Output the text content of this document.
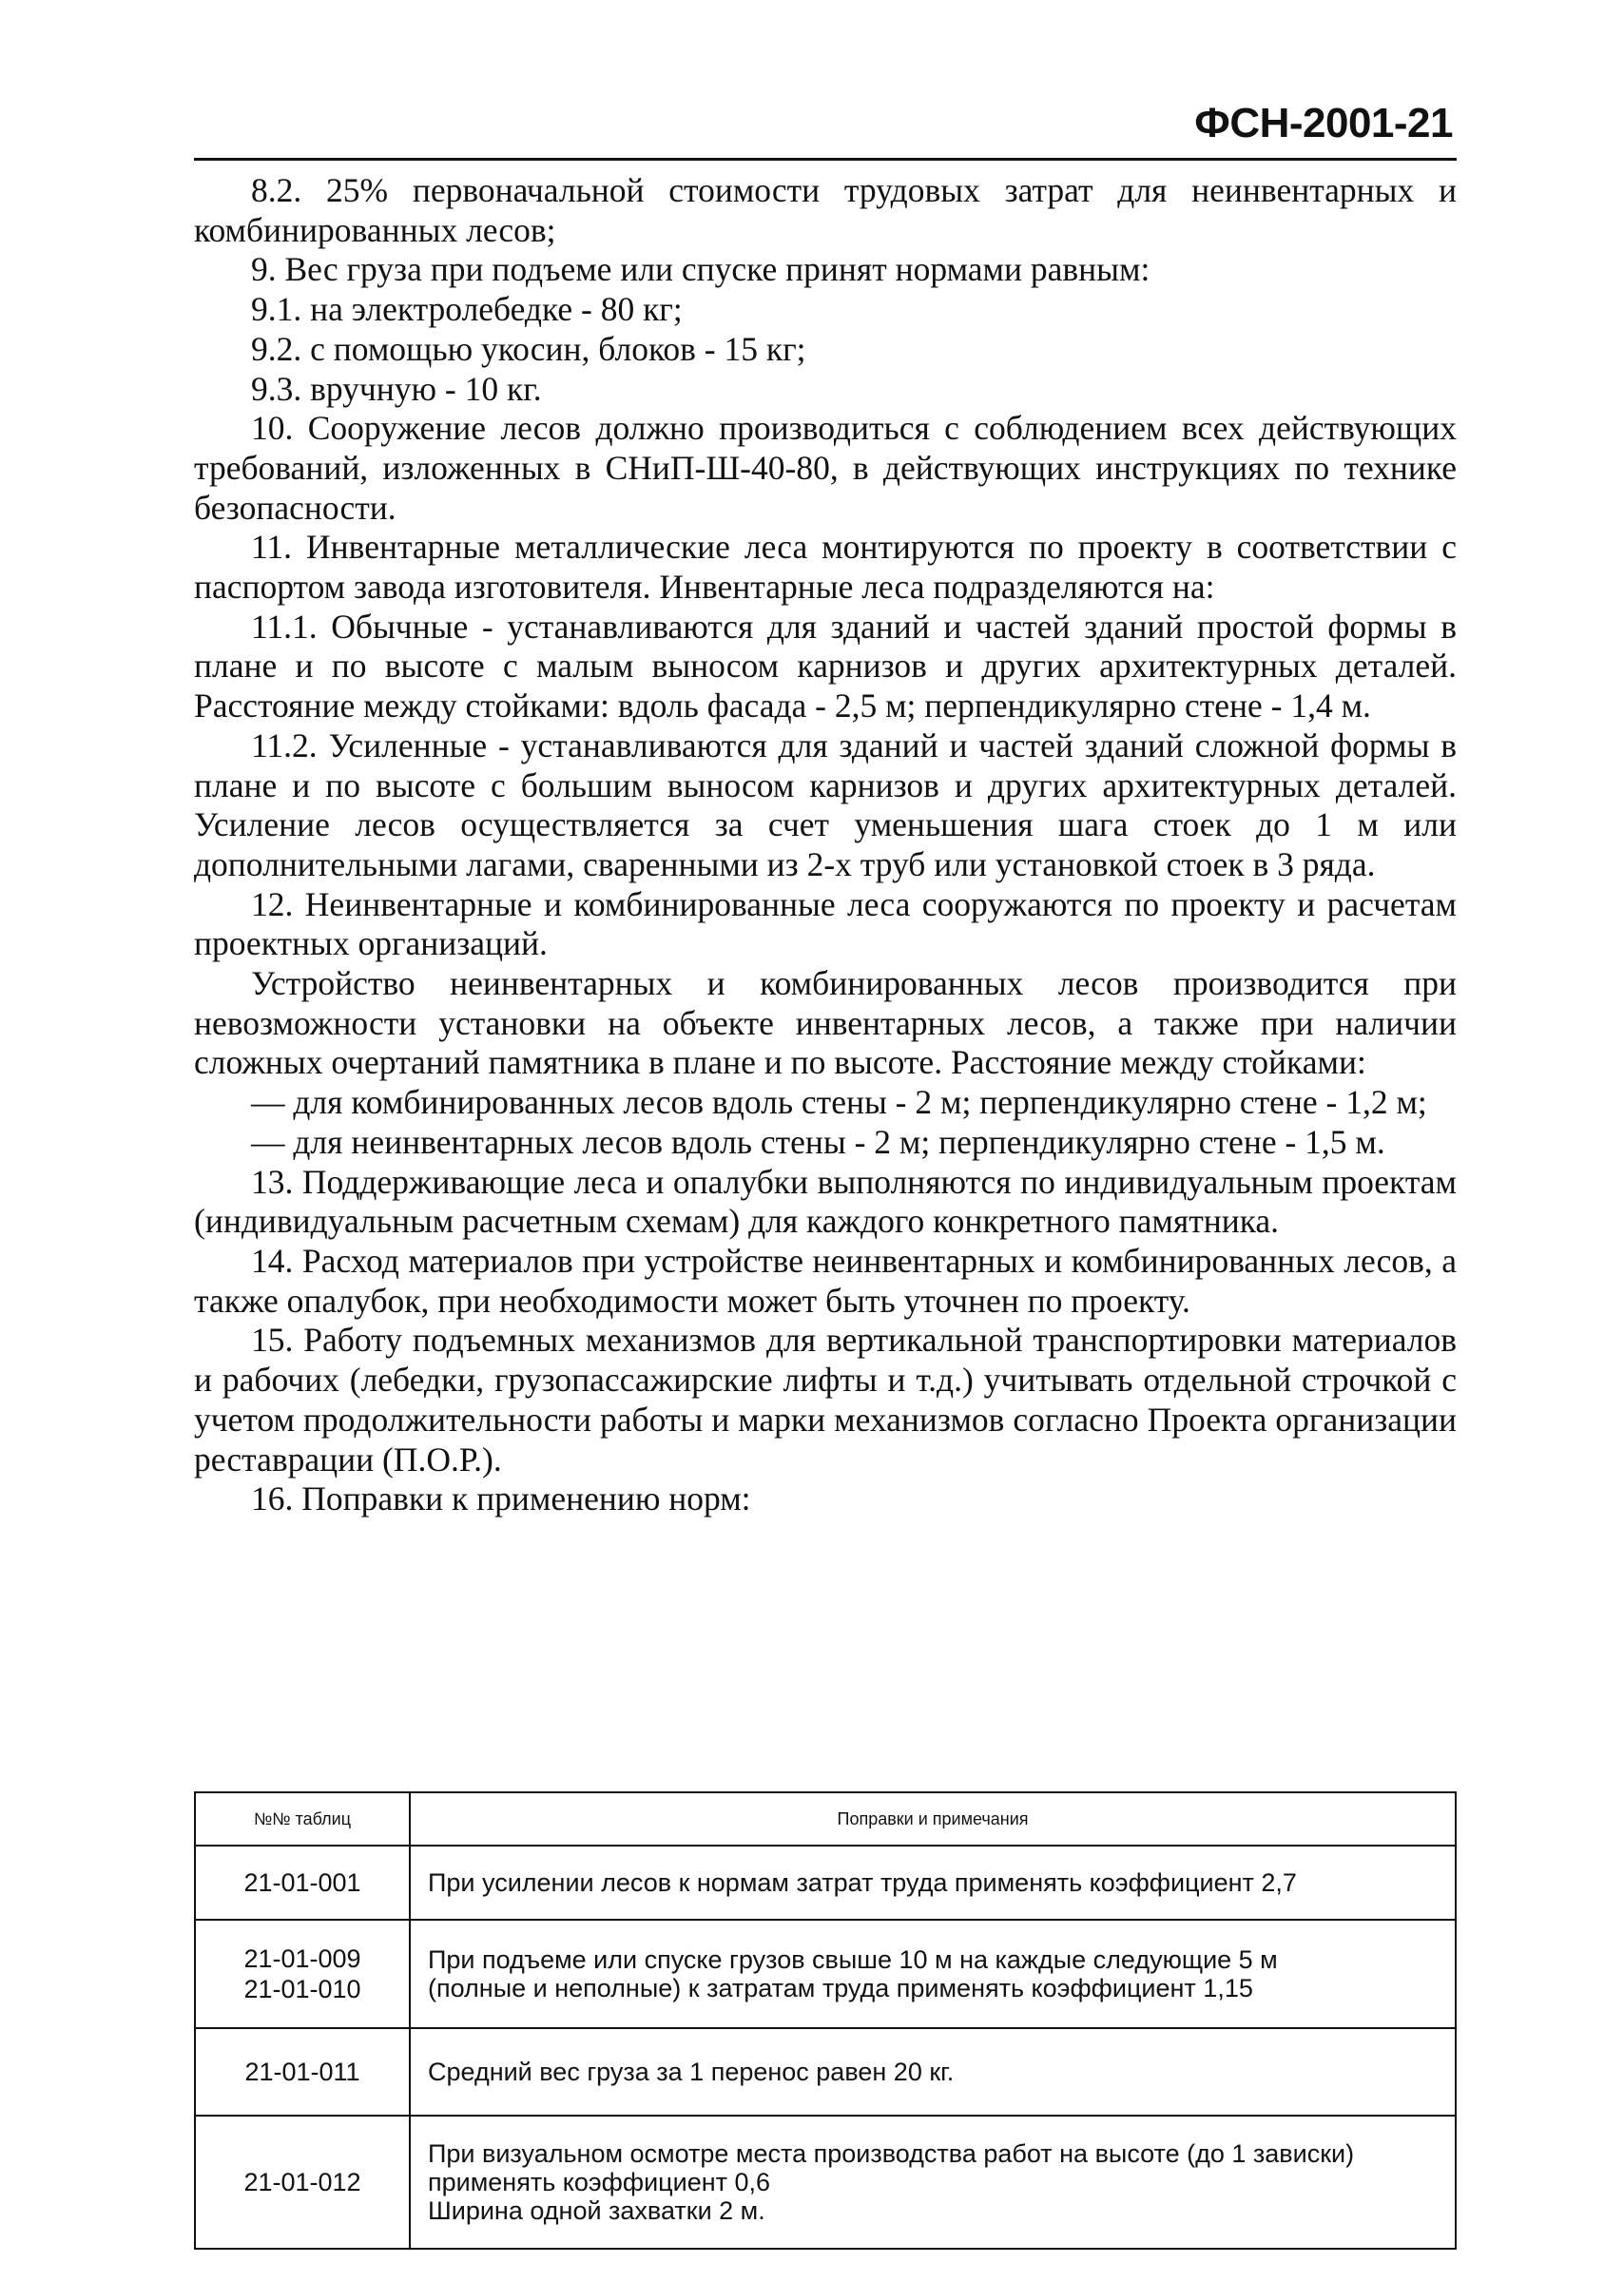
ФСН-2001-21

8.2. 25% первоначальной стоимости трудовых затрат для неинвентарных и комбинированных лесов;

9. Вес груза при подъеме или спуске принят нормами равным:

9.1. на электролебедке - 80 кг;

9.2. с помощью укосин, блоков - 15 кг;

9.3. вручную - 10 кг.

10. Сооружение лесов должно производиться с соблюдением всех действующих требований, изложенных в СНиП-Ш-40-80, в действующих инструкциях по технике безопасности.

11. Инвентарные металлические леса монтируются по проекту в соответствии с паспортом завода изготовителя. Инвентарные леса подразделяются на:

11.1. Обычные - устанавливаются для зданий и частей зданий простой формы в плане и по высоте с малым выносом карнизов и других архитектурных деталей. Расстояние между стойками: вдоль фасада - 2,5 м; перпендикулярно стене - 1,4 м.

11.2. Усиленные - устанавливаются для зданий и частей зданий сложной формы в плане и по высоте с большим выносом карнизов и других архитектурных деталей. Усиление лесов осуществляется за счет уменьшения шага стоек до 1 м или дополнительными лагами, сваренными из 2-х труб или установкой стоек в 3 ряда.

12. Неинвентарные и комбинированные леса сооружаются по проекту и расчетам проектных организаций.

Устройство неинвентарных и комбинированных лесов производится при невозможности установки на объекте инвентарных лесов, а также при наличии сложных очертаний памятника в плане и по высоте. Расстояние между стойками:

— для комбинированных лесов вдоль стены - 2 м; перпендикулярно стене - 1,2 м;

— для неинвентарных лесов вдоль стены - 2 м; перпендикулярно стене - 1,5 м.

13. Поддерживающие леса и опалубки выполняются по индивидуальным проектам (индивидуальным расчетным схемам) для каждого конкретного памятника.

14. Расход материалов при устройстве неинвентарных и комбинированных лесов, а также опалубок, при необходимости может быть уточнен по проекту.

15. Работу подъемных механизмов для вертикальной транспортировки материалов и рабочих (лебедки, грузопассажирские лифты и т.д.) учитывать отдельной строчкой с учетом продолжительности работы и марки механизмов согласно Проекта организации реставрации (П.О.Р.).

16. Поправки к применению норм:

№№ таблиц	Поправки и примечания

21-01-001	При усилении лесов к нормам затрат труда применять коэффициент 2,7

21-01-009
21-01-010	При подъеме или спуске грузов свыше 10 м на каждые следующие 5 м
(полные и неполные) к затратам труда применять коэффициент 1,15

21-01-011	Средний вес груза за 1 перенос равен 20 кг.

21-01-012	При визуальном осмотре места производства работ на высоте (до 1 зависки)
применять коэффициент 0,6
Ширина одной захватки 2 м.
